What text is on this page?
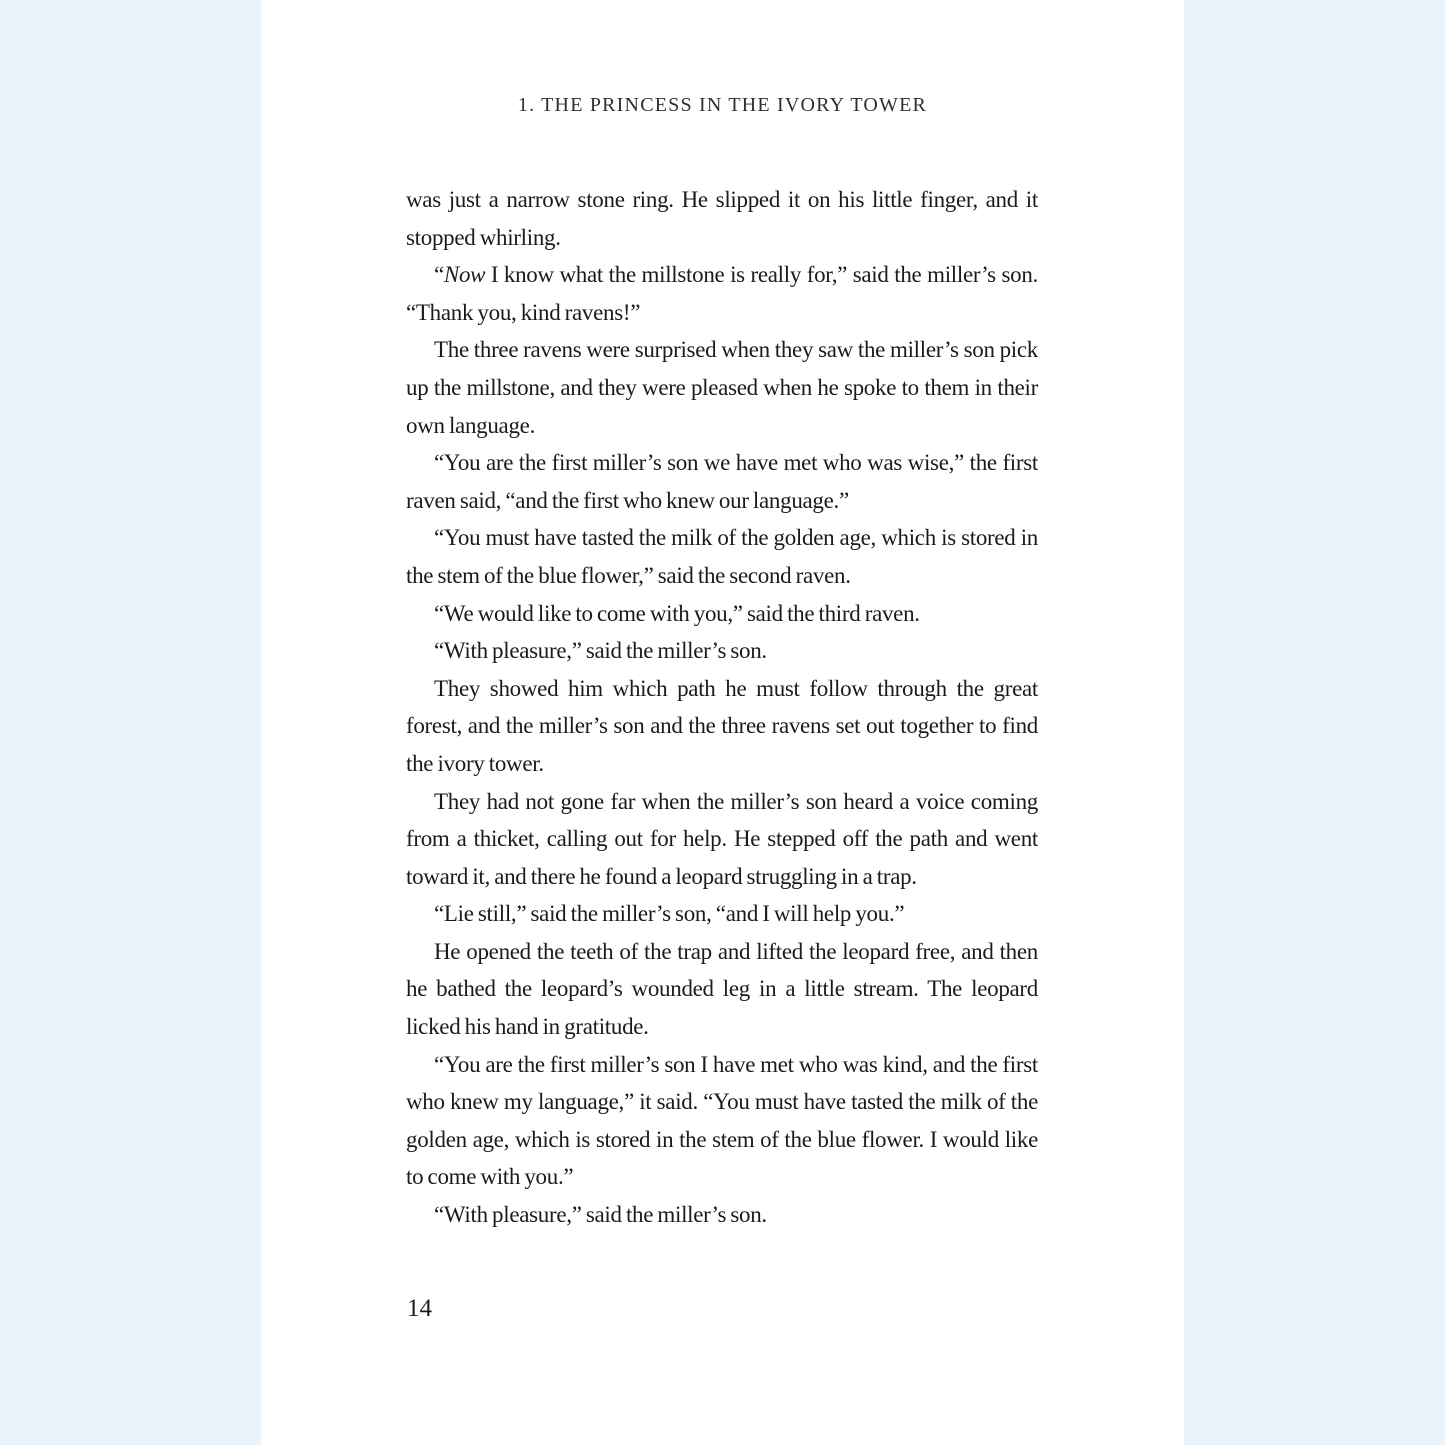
1. THE PRINCESS IN THE IVORY TOWER

was just a narrow stone ring. He slipped it on his little finger, and it stopped whirling.

“Now I know what the millstone is really for,” said the miller’s son. “Thank you, kind ravens!”

The three ravens were surprised when they saw the miller’s son pick up the millstone, and they were pleased when he spoke to them in their own language.

“You are the first miller’s son we have met who was wise,” the first raven said, “and the first who knew our language.”

“You must have tasted the milk of the golden age, which is stored in the stem of the blue flower,” said the second raven.

“We would like to come with you,” said the third raven.

“With pleasure,” said the miller’s son.

They showed him which path he must follow through the great forest, and the miller’s son and the three ravens set out together to find the ivory tower.

They had not gone far when the miller’s son heard a voice coming from a thicket, calling out for help. He stepped off the path and went toward it, and there he found a leopard struggling in a trap.

“Lie still,” said the miller’s son, “and I will help you.”

He opened the teeth of the trap and lifted the leopard free, and then he bathed the leopard’s wounded leg in a little stream. The leopard licked his hand in gratitude.

“You are the first miller’s son I have met who was kind, and the first who knew my language,” it said. “You must have tasted the milk of the golden age, which is stored in the stem of the blue flower. I would like to come with you.”

“With pleasure,” said the miller’s son.

14
